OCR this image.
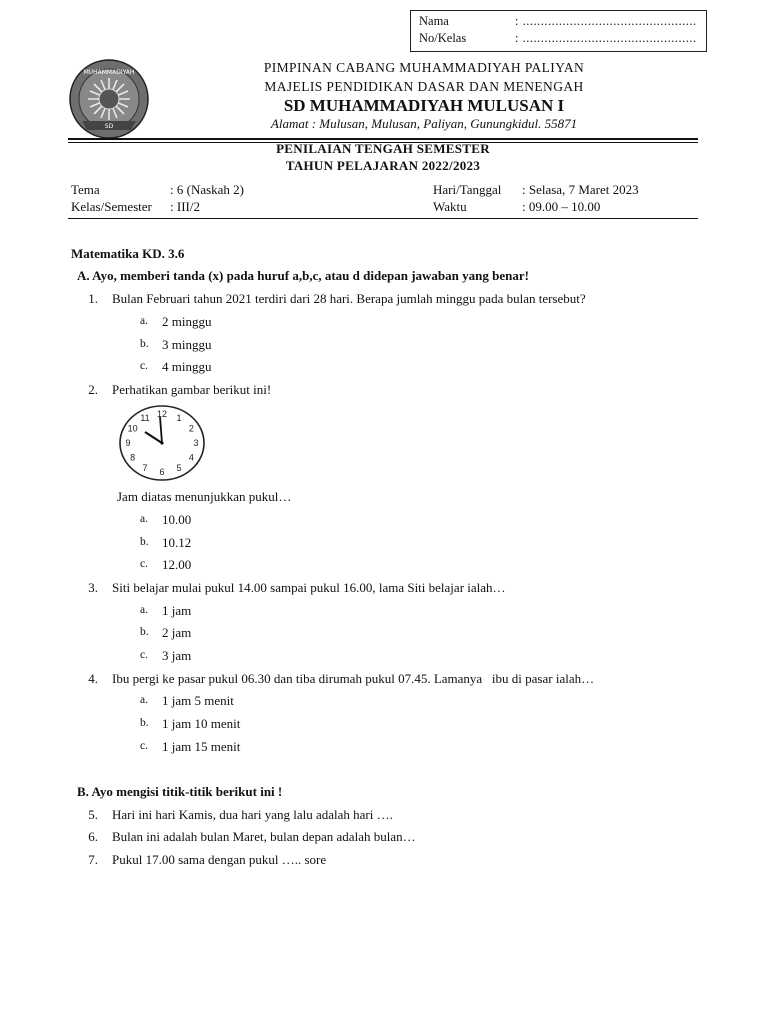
Nama	: ................................................
No/Kelas	: ................................................
MUHAMMADIYAH
SD
PIMPINAN CABANG MUHAMMADIYAH PALIYAN
MAJELIS PENDIDIKAN DASAR DAN MENENGAH
SD MUHAMMADIYAH MULUSAN I
Alamat : Mulusan, Mulusan, Paliyan, Gunungkidul. 55871
PENILAIAN TENGAH SEMESTER
TAHUN PELAJARAN 2022/2023
Tema	: 6 (Naskah 2)
Kelas/Semester : III/2
Hari/Tanggal : Selasa, 7 Maret 2023
Waktu	: 09.00 – 10.00
Matematika KD. 3.6
A. Ayo, memberi tanda (x) pada huruf a,b,c, atau d didepan jawaban yang benar!
1. Bulan Februari tahun 2021 terdiri dari 28 hari. Berapa jumlah minggu pada bulan tersebut?
a. 2 minggu
b. 3 minggu
c. 4 minggu
2. Perhatikan gambar berikut ini!
12 1
2
3
4
5
6
7
8
9
10
11
Jam diatas menunjukkan pukul…
a. 10.00
b. 10.12
c. 12.00
3. Siti belajar mulai pukul 14.00 sampai pukul 16.00, lama Siti belajar ialah…
a. 1 jam
b. 2 jam
c. 3 jam
4. Ibu pergi ke pasar pukul 06.30 dan tiba dirumah pukul 07.45. Lamanya   ibu di pasar ialah…
a. 1 jam 5 menit
b. 1 jam 10 menit
c. 1 jam 15 menit
B. Ayo mengisi titik-titik berikut ini !
5. Hari ini hari Kamis, dua hari yang lalu adalah hari ….
6. Bulan ini adalah bulan Maret, bulan depan adalah bulan…
7. Pukul 17.00 sama dengan pukul ….. sore
